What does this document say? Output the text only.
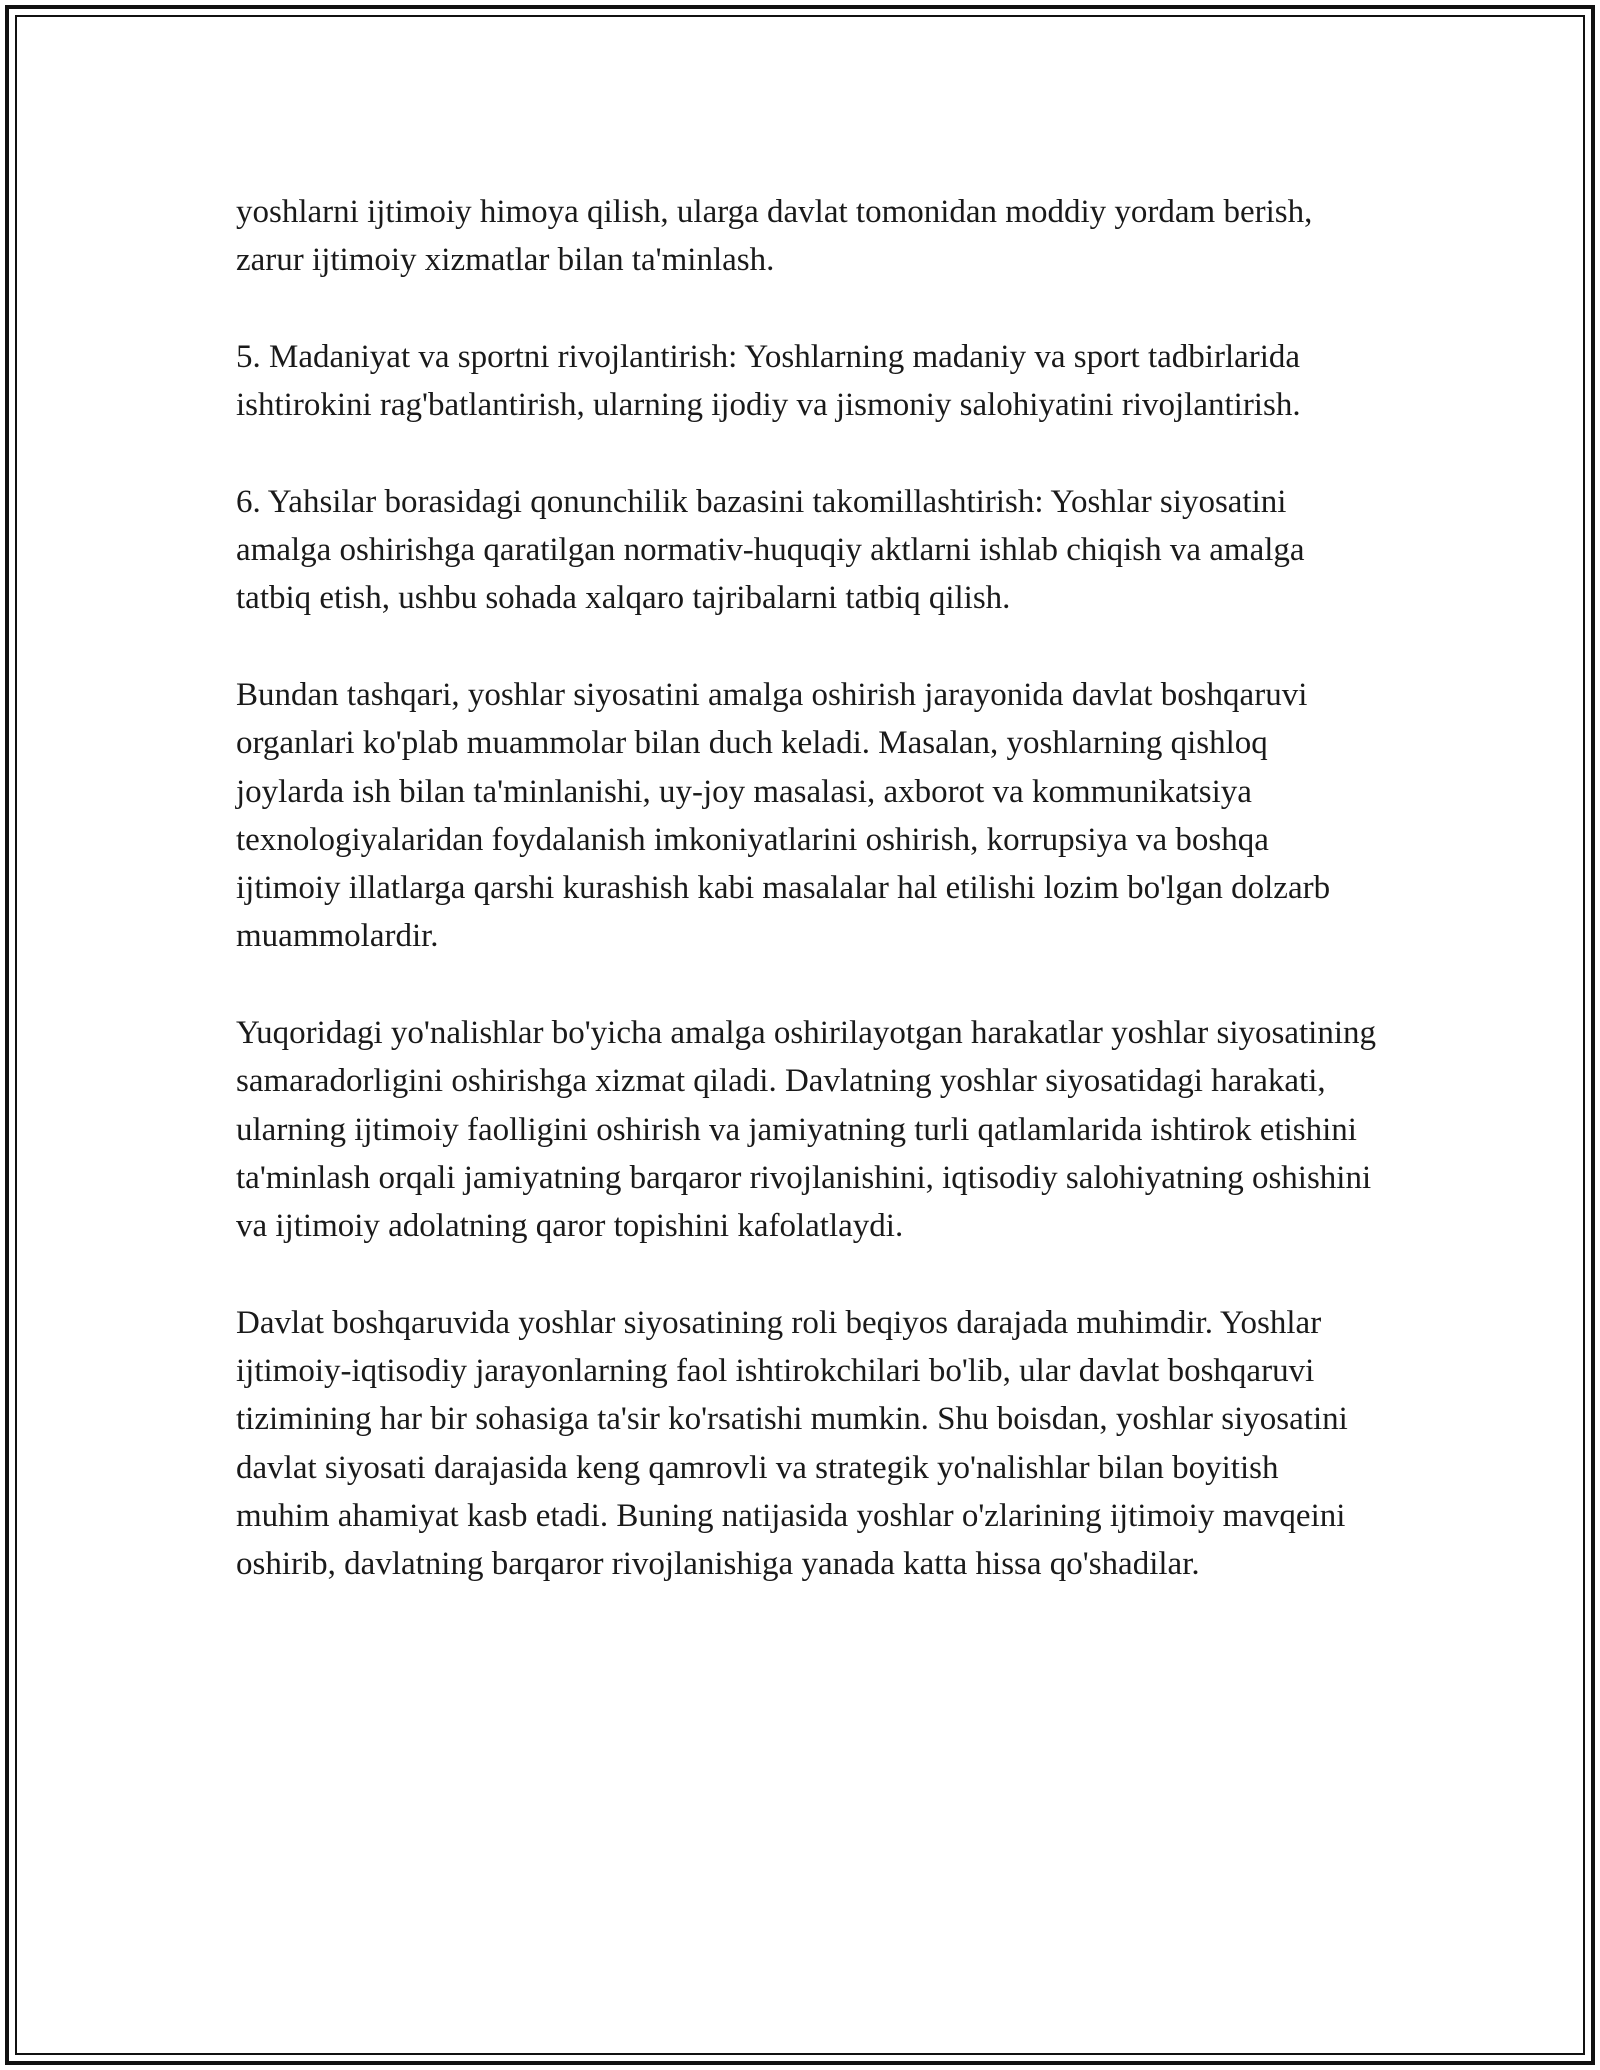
yoshlarni ijtimoiy himoya qilish, ularga davlat tomonidan moddiy yordam berish, zarur ijtimoiy xizmatlar bilan ta'minlash.

5. Madaniyat va sportni rivojlantirish: Yoshlarning madaniy va sport tadbirlarida ishtirokini rag'batlantirish, ularning ijodiy va jismoniy salohiyatini rivojlantirish.

6. Yahsilar borasidagi qonunchilik bazasini takomillashtirish: Yoshlar siyosatini amalga oshirishga qaratilgan normativ-huquqiy aktlarni ishlab chiqish va amalga tatbiq etish, ushbu sohada xalqaro tajribalarni tatbiq qilish.

Bundan tashqari, yoshlar siyosatini amalga oshirish jarayonida davlat boshqaruvi organlari ko'plab muammolar bilan duch keladi. Masalan, yoshlarning qishloq joylarda ish bilan ta'minlanishi, uy-joy masalasi, axborot va kommunikatsiya texnologiyalaridan foydalanish imkoniyatlarini oshirish, korrupsiya va boshqa ijtimoiy illatlarga qarshi kurashish kabi masalalar hal etilishi lozim bo'lgan dolzarb muammolardir.

Yuqoridagi yo'nalishlar bo'yicha amalga oshirilayotgan harakatlar yoshlar siyosatining samaradorligini oshirishga xizmat qiladi. Davlatning yoshlar siyosatidagi harakati, ularning ijtimoiy faolligini oshirish va jamiyatning turli qatlamlarida ishtirok etishini ta'minlash orqali jamiyatning barqaror rivojlanishini, iqtisodiy salohiyatning oshishini va ijtimoiy adolatning qaror topishini kafolatlaydi.

Davlat boshqaruvida yoshlar siyosatining roli beqiyos darajada muhimdir. Yoshlar ijtimoiy-iqtisodiy jarayonlarning faol ishtirokchilari bo'lib, ular davlat boshqaruvi tizimining har bir sohasiga ta'sir ko'rsatishi mumkin. Shu boisdan, yoshlar siyosatini davlat siyosati darajasida keng qamrovli va strategik yo'nalishlar bilan boyitish muhim ahamiyat kasb etadi. Buning natijasida yoshlar o'zlarining ijtimoiy mavqeini oshirib, davlatning barqaror rivojlanishiga yanada katta hissa qo'shadilar.
